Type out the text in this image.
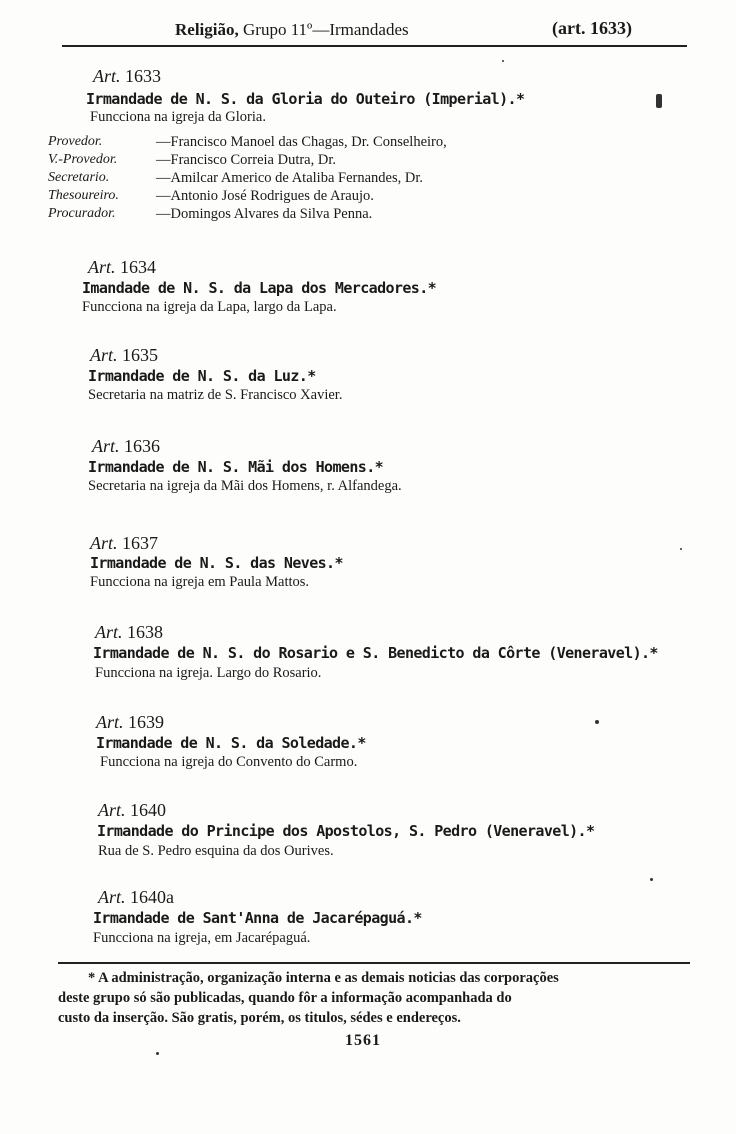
Religião, Grupo 11º—Irmandades	(art. 1633)
Art. 1633
Irmandade de N. S. da Gloria do Outeiro (Imperial).*
Funcciona na igreja da Gloria.
Provedor.	—Francisco Manoel das Chagas, Dr. Conselheiro,
V.-Provedor.	—Francisco Correia Dutra, Dr.
Secretario.	—Amilcar Americo de Ataliba Fernandes, Dr.
Thesoureiro.	—Antonio José Rodrigues de Araujo.
Procurador.	—Domingos Alvares da Silva Penna.
Art. 1634
Imandade de N. S. da Lapa dos Mercadores.*
Funcciona na igreja da Lapa, largo da Lapa.
Art. 1635
Irmandade de N. S. da Luz.*
Secretaria na matriz de S. Francisco Xavier.
Art. 1636
Irmandade de N. S. Mãi dos Homens.*
Secretaria na igreja da Mãi dos Homens, r. Alfandega.
Art. 1637
Irmandade de N. S. das Neves.*
Funcciona na igreja em Paula Mattos.
Art. 1638
Irmandade de N. S. do Rosario e S. Benedicto da Côrte (Veneravel).*
Funcciona na igreja. Largo do Rosario.
Art. 1639
Irmandade de N. S. da Soledade.*
Funcciona na igreja do Convento do Carmo.
Art. 1640
Irmandade do Principe dos Apostolos, S. Pedro (Veneravel).*
Rua de S. Pedro esquina da dos Ourives.
Art. 1640a
Irmandade de Sant'Anna de Jacarépaguá.*
Funcciona na igreja, em Jacarépaguá.
* A administração, organização interna e as demais noticias das corporações
deste grupo só são publicadas, quando fôr a informação acompanhada do
custo da inserção. São gratis, porém, os titulos, sédes e endereços.
1561
